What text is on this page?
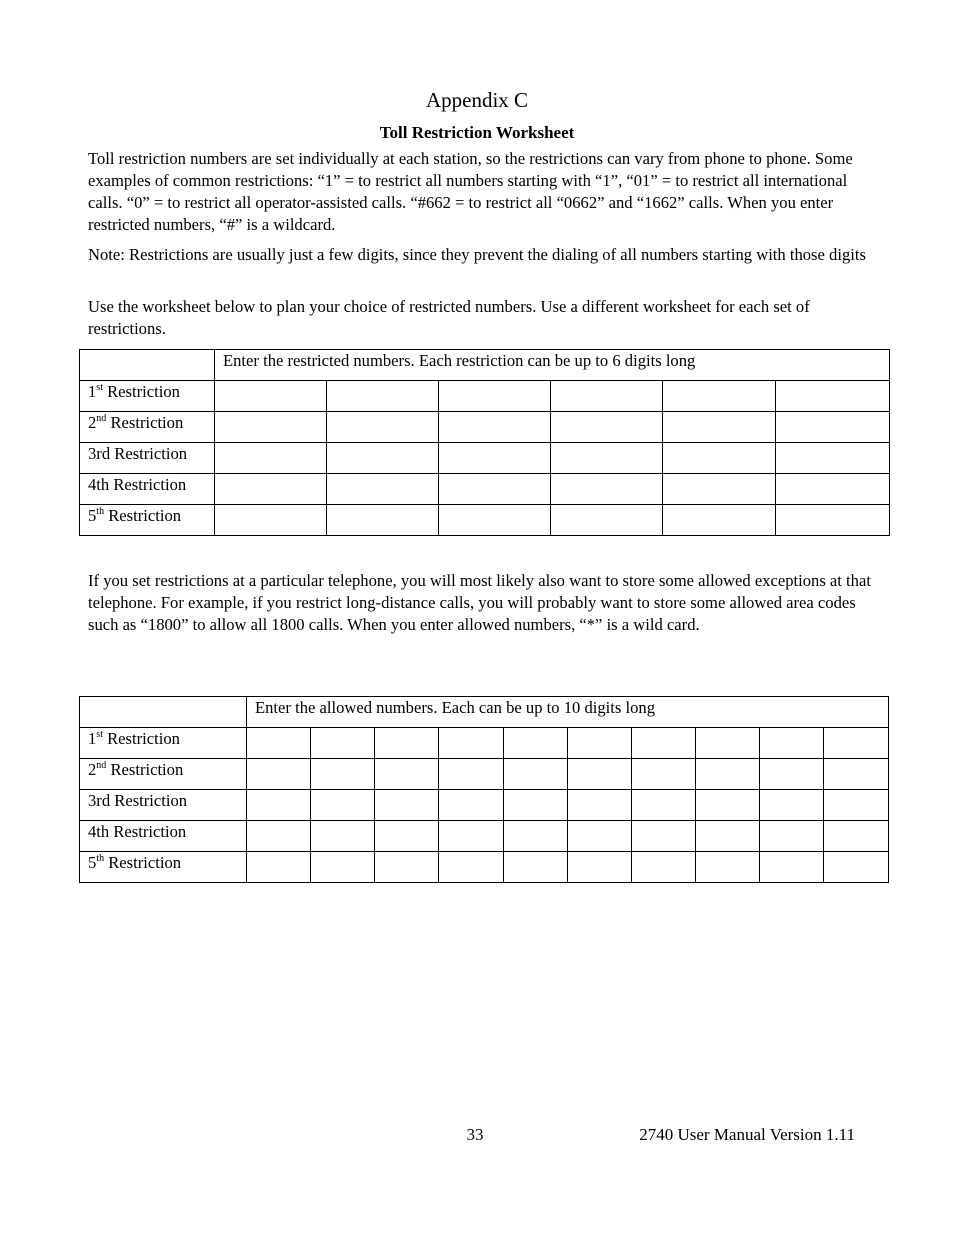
Appendix C
Toll Restriction Worksheet

Toll restriction numbers are set individually at each station, so the restrictions can vary from phone to phone. Some examples of common restrictions: “1” = to restrict all numbers starting with “1”, “01” = to restrict all international calls. “0” = to restrict all operator-assisted calls. “#662 = to restrict all “0662” and “1662” calls. When you enter restricted numbers, “#” is a wildcard.

Note: Restrictions are usually just a few digits, since they prevent the dialing of all numbers starting with those digits

Use the worksheet below to plan your choice of restricted numbers. Use a different worksheet for each set of restrictions.

	Enter the restricted numbers. Each restriction can be up to 6 digits long					
1st Restriction						
2nd Restriction						
3rd Restriction						
4th Restriction						
5th Restriction						

If you set restrictions at a particular telephone, you will most likely also want to store some allowed exceptions at that telephone. For example, if you restrict long-distance calls, you will probably want to store some allowed area codes such as “1800” to allow all 1800 calls. When you enter allowed numbers, “*” is a wild card.

	Enter the allowed numbers. Each can be up to 10 digits long									
1st Restriction										
2nd Restriction										
3rd Restriction										
4th Restriction										
5th Restriction										
33	2740 User Manual Version 1.11
